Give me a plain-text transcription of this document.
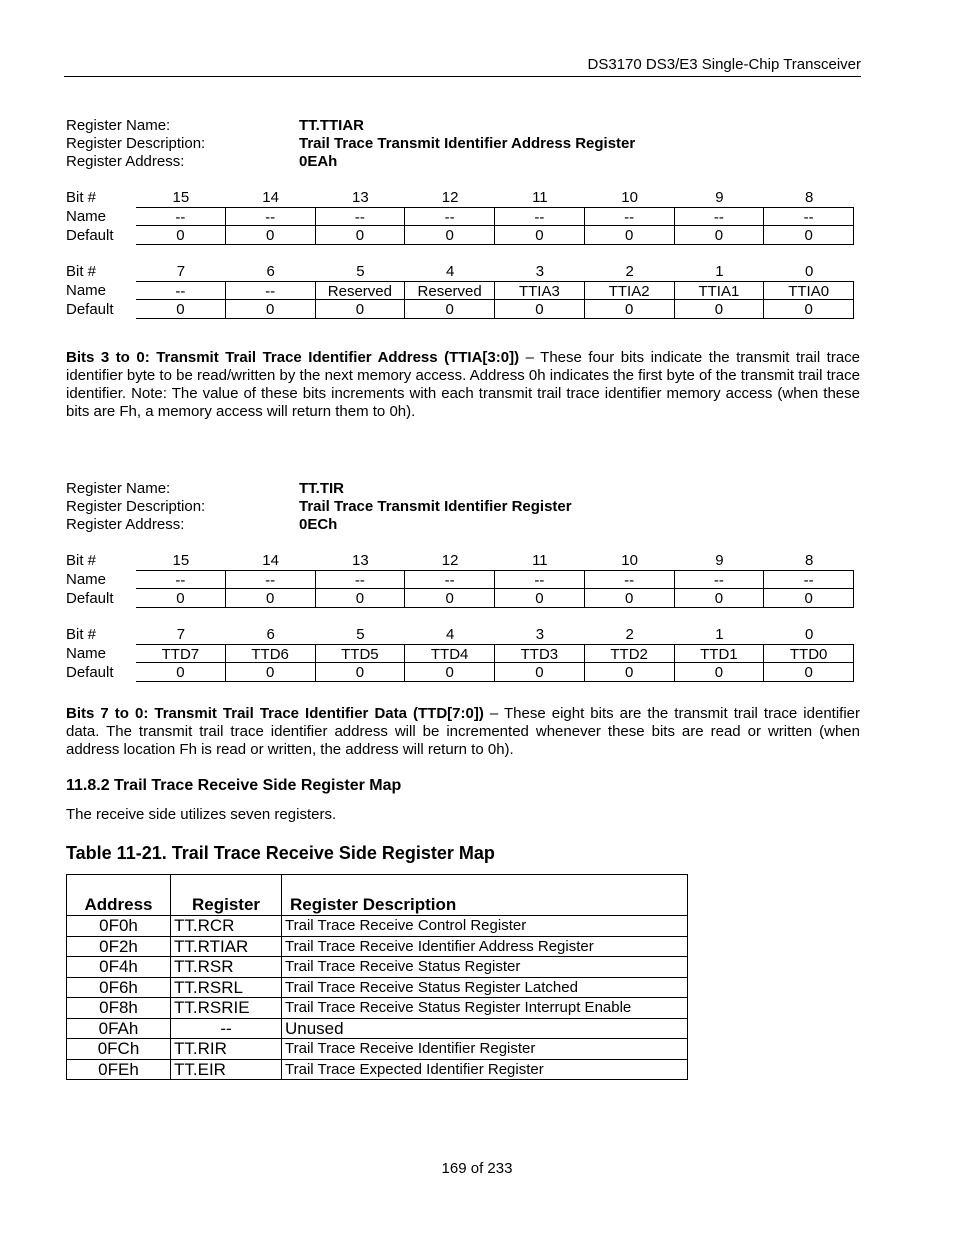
DS3170 DS3/E3 Single-Chip Transceiver
Register Name:	TT.TTIAR
Register Description:	Trail Trace Transmit Identifier Address Register
Register Address:	0EAh
Bit #	15	14	13	12	11	10	9	8
Name	--	--	--	--	--	--	--	--
Default	0	0	0	0	0	0	0	0
Bit #	7	6	5	4	3	2	1	0
Name	--	--	Reserved	Reserved	TTIA3	TTIA2	TTIA1	TTIA0
Default	0	0	0	0	0	0	0	0
Bits 3 to 0: Transmit Trail Trace Identifier Address (TTIA[3:0]) – These four bits indicate the transmit trail trace identifier byte to be read/written by the next memory access. Address 0h indicates the first byte of the transmit trail trace identifier. Note: The value of these bits increments with each transmit trail trace identifier memory access (when these bits are Fh, a memory access will return them to 0h).
Register Name:	TT.TIR
Register Description:	Trail Trace Transmit Identifier Register
Register Address:	0ECh
Bit #	15	14	13	12	11	10	9	8
Name	--	--	--	--	--	--	--	--
Default	0	0	0	0	0	0	0	0
Bit #	7	6	5	4	3	2	1	0
Name	TTD7	TTD6	TTD5	TTD4	TTD3	TTD2	TTD1	TTD0
Default	0	0	0	0	0	0	0	0
Bits 7 to 0: Transmit Trail Trace Identifier Data (TTD[7:0]) – These eight bits are the transmit trail trace identifier data. The transmit trail trace identifier address will be incremented whenever these bits are read or written (when address location Fh is read or written, the address will return to 0h).
11.8.2 Trail Trace Receive Side Register Map
The receive side utilizes seven registers.
Table 11-21. Trail Trace Receive Side Register Map
Address	Register	Register Description
0F0h	TT.RCR	Trail Trace Receive Control Register
0F2h	TT.RTIAR	Trail Trace Receive Identifier Address Register
0F4h	TT.RSR	Trail Trace Receive Status Register
0F6h	TT.RSRL	Trail Trace Receive Status Register Latched
0F8h	TT.RSRIE	Trail Trace Receive Status Register Interrupt Enable
0FAh	--	Unused
0FCh	TT.RIR	Trail Trace Receive Identifier Register
0FEh	TT.EIR	Trail Trace Expected Identifier Register
169 of 233
